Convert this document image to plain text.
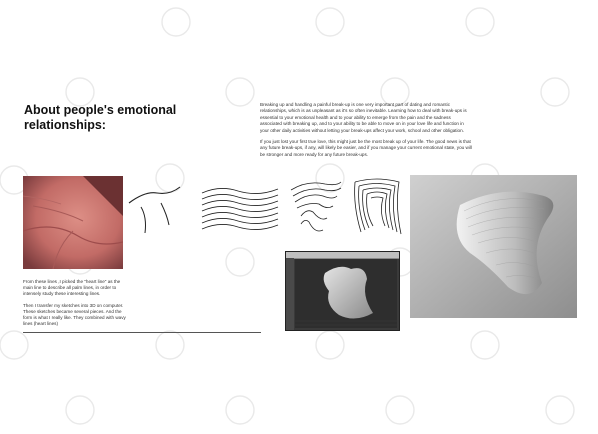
About people's emotional
relationships:

Breaking up and handling a painful break-up is one very important part of dating and romantic relationships, which is as unpleasant as it's so often inevitable. Learning how to deal with break-ups is essential to your emotional health and to your ability to emerge from the pain and the sadness associated with breaking up, and to your ability to be able to move on in your love life and function in your other daily activities without letting your break-ups affect your work, school and other obligation.

If you just lost your first true love, this might just be the most break up of your life. The good news is that any future break-ups, if any, will likely be easier, and if you manage your current emotional state, you will be stronger and more ready for any future break-ups.

From these lines ,I picked the "heart line" as the main line to describe all palm lines, in order to intensely study these interesting lines.

Then I transfer my sketches into 3D on computer. These sketches became several pieces. And the form is what I really like. They combined with wavy lines (heart lines)
